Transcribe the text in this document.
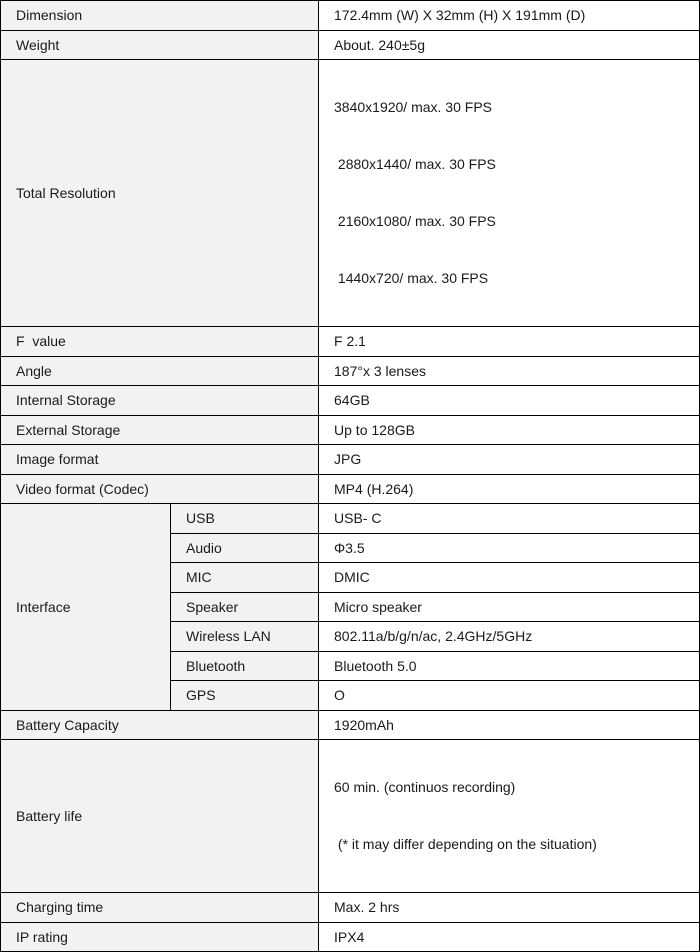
Dimension		172.4mm (W) X 32mm (H) X 191mm (D)
Weight		About. 240±5g
Total Resolution		3840x1920/ max. 30 FPS

2880x1440/ max. 30 FPS

2160x1080/ max. 30 FPS

1440x720/ max. 30 FPS

F  value		F 2.1
Angle		187°x 3 lenses
Internal Storage		64GB
External Storage		Up to 128GB
Image format		JPG
Video format (Codec)		MP4 (H.264)
Interface	USB	USB- C
	Audio	Φ3.5
	MIC	DMIC
	Speaker	Micro speaker
	Wireless LAN	802.11a/b/g/n/ac, 2.4GHz/5GHz
	Bluetooth	Bluetooth 5.0
	GPS	O
Battery Capacity		1920mAh
Battery life		60 min. (continuos recording)

(* it may differ depending on the situation)

Charging time		Max. 2 hrs
IP rating		IPX4
